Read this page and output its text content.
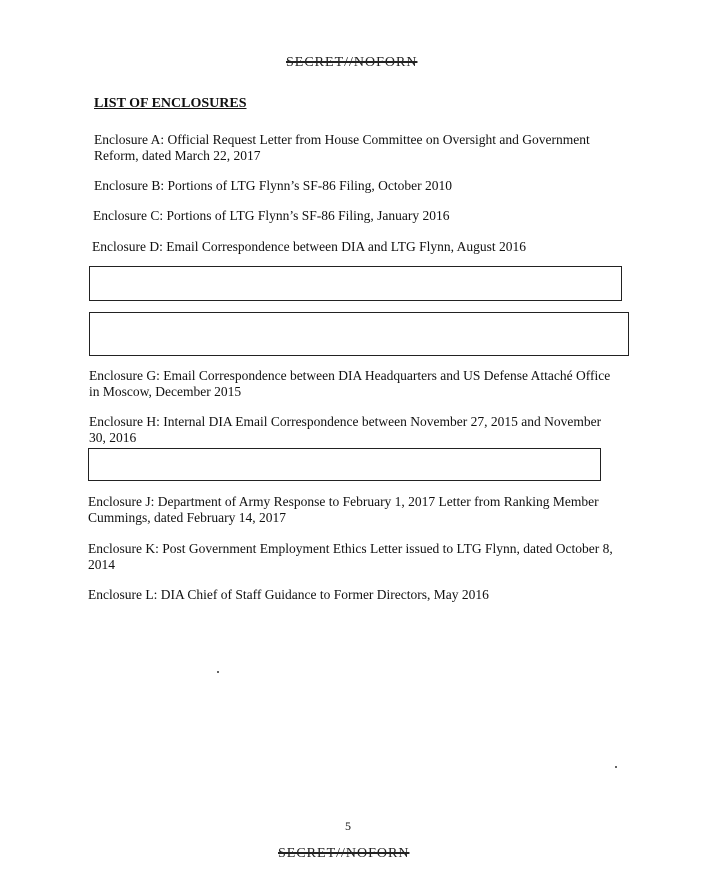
SECRET//NOFORN
LIST OF ENCLOSURES
Enclosure A: Official Request Letter from House Committee on Oversight and Government
Reform, dated March 22, 2017
Enclosure B: Portions of LTG Flynn’s SF-86 Filing, October 2010
Enclosure C: Portions of LTG Flynn’s SF-86 Filing, January 2016
Enclosure D: Email Correspondence between DIA and LTG Flynn, August 2016
Enclosure G: Email Correspondence between DIA Headquarters and US Defense Attaché Office
in Moscow, December 2015
Enclosure H: Internal DIA Email Correspondence between November 27, 2015 and November
30, 2016
Enclosure J: Department of Army Response to February 1, 2017 Letter from Ranking Member
Cummings, dated February 14, 2017
Enclosure K: Post Government Employment Ethics Letter issued to LTG Flynn, dated October 8,
2014
Enclosure L: DIA Chief of Staff Guidance to Former Directors, May 2016
5
SECRET//NOFORN
